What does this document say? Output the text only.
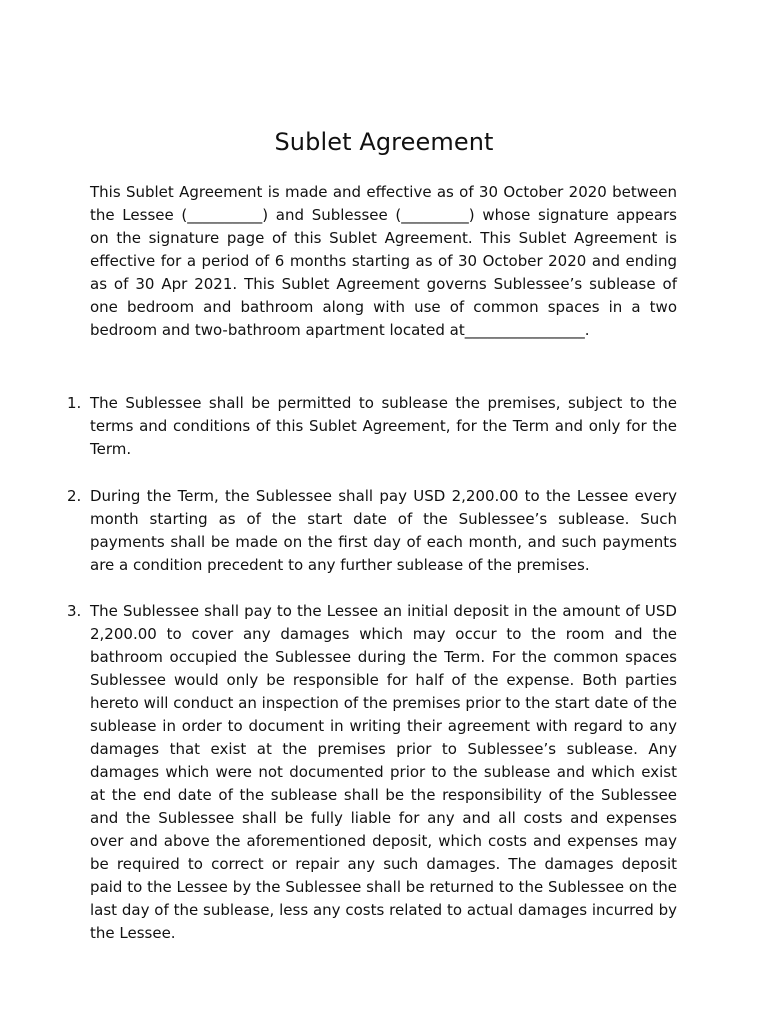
Sublet Agreement

This Sublet Agreement is made and effective as of 30 October 2020 between the Lessee (__________) and Sublessee (_________) whose signature appears on the signature page of this Sublet Agreement. This Sublet Agreement is effective for a period of 6 months starting as of 30 October 2020 and ending as of 30 Apr 2021. This Sublet Agreement governs Sublessee’s sublease of one bedroom and bathroom along with use of common spaces in a two bedroom and two-bathroom apartment located at________________.

1. The Sublessee shall be permitted to sublease the premises, subject to the terms and conditions of this Sublet Agreement, for the Term and only for the Term.

2. During the Term, the Sublessee shall pay USD 2,200.00 to the Lessee every month starting as of the start date of the Sublessee’s sublease. Such payments shall be made on the first day of each month, and such payments are a condition precedent to any further sublease of the premises.

3. The Sublessee shall pay to the Lessee an initial deposit in the amount of USD 2,200.00 to cover any damages which may occur to the room and the bathroom occupied the Sublessee during the Term. For the common spaces Sublessee would only be responsible for half of the expense. Both parties hereto will conduct an inspection of the premises prior to the start date of the sublease in order to document in writing their agreement with regard to any damages that exist at the premises prior to Sublessee’s sublease. Any damages which were not documented prior to the sublease and which exist at the end date of the sublease shall be the responsibility of the Sublessee and the Sublessee shall be fully liable for any and all costs and expenses over and above the aforementioned deposit, which costs and expenses may be required to correct or repair any such damages. The damages deposit paid to the Lessee by the Sublessee shall be returned to the Sublessee on the last day of the sublease, less any costs related to actual damages incurred by the Lessee.
